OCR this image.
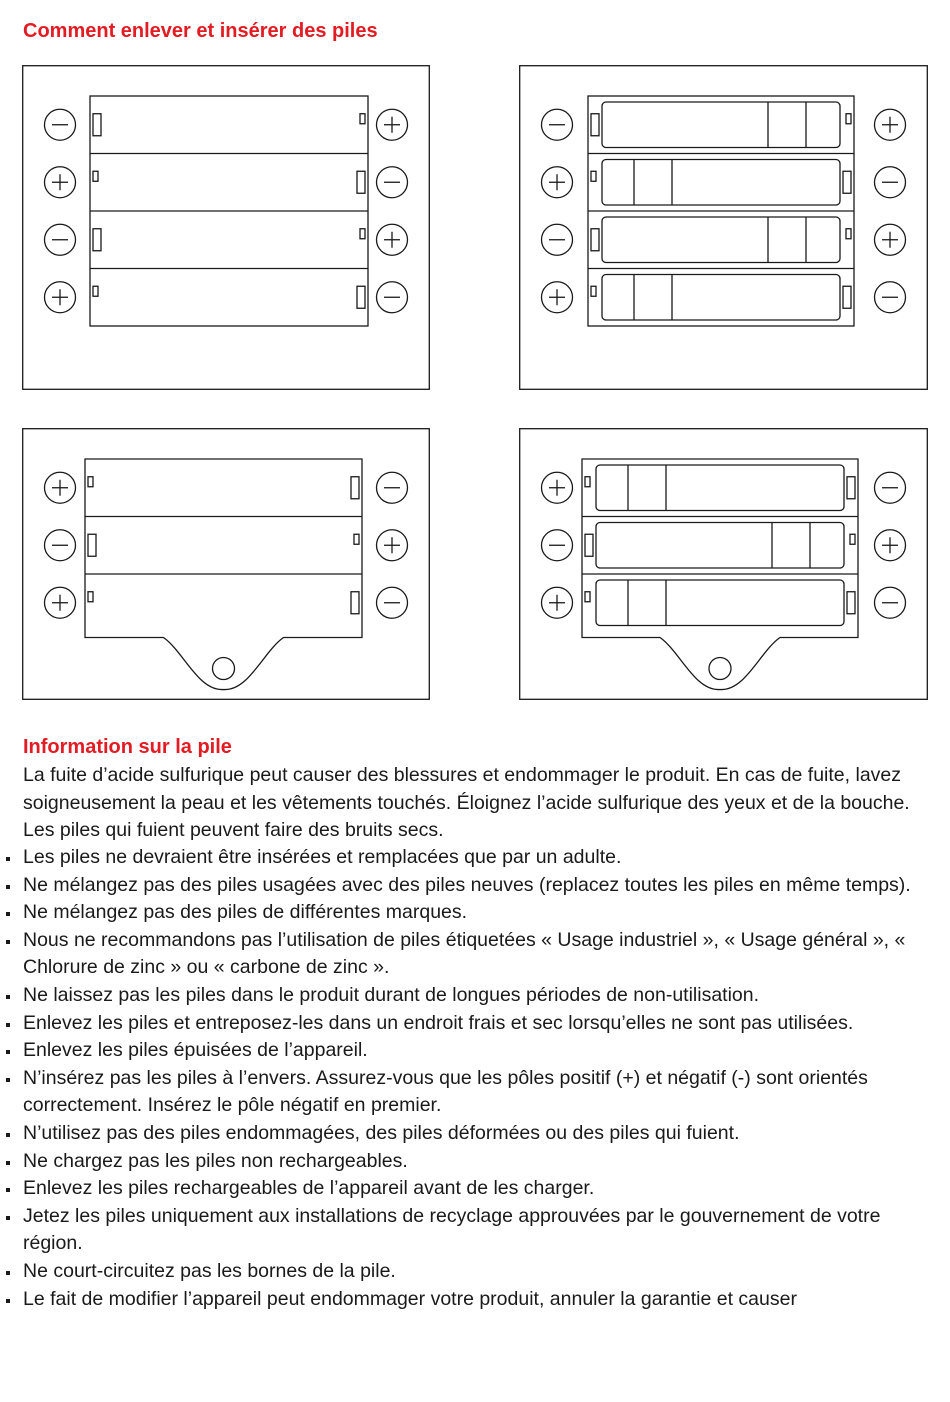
Comment enlever et insérer des piles
Information sur la pile

La fuite d’acide sulfurique peut causer des blessures et endommager le produit. En cas de fuite, lavez soigneusement la peau et les vêtements touchés. Éloignez l’acide sulfurique des yeux et de la bouche. Les piles qui fuient peuvent faire des bruits secs.

Les piles ne devraient être insérées et remplacées que par un adulte.
Ne mélangez pas des piles usagées avec des piles neuves (replacez toutes les piles en même temps).
Ne mélangez pas des piles de différentes marques.
Nous ne recommandons pas l’utilisation de piles étiquetées « Usage industriel », « Usage général », « Chlorure de zinc » ou « carbone de zinc ».
Ne laissez pas les piles dans le produit durant de longues périodes de non-utilisation.
Enlevez les piles et entreposez-les dans un endroit frais et sec lorsqu’elles ne sont pas utilisées.
Enlevez les piles épuisées de l’appareil.
N’insérez pas les piles à l’envers. Assurez-vous que les pôles positif (+) et négatif (-) sont orientés correctement. Insérez le pôle négatif en premier.
N’utilisez pas des piles endommagées, des piles déformées ou des piles qui fuient.
Ne chargez pas les piles non rechargeables.
Enlevez les piles rechargeables de l’appareil avant de les charger.
Jetez les piles uniquement aux installations de recyclage approuvées par le gouvernement de votre région.
Ne court-circuitez pas les bornes de la pile.
Le fait de modifier l’appareil peut endommager votre produit, annuler la garantie et causer
